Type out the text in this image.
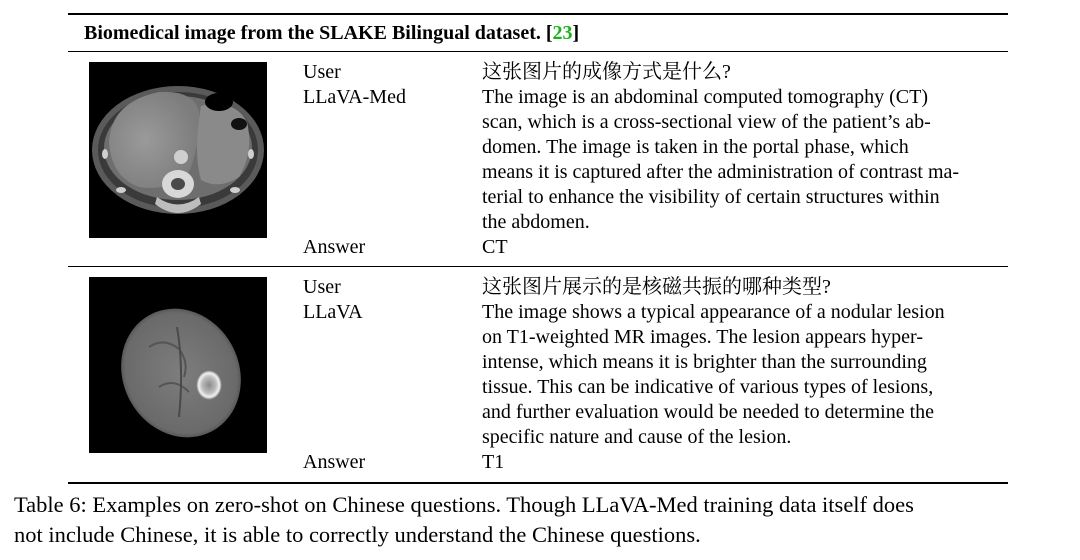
Biomedical image from the SLAKE Bilingual dataset. [23]
User
LLaVA-Med
Answer
这张图片的成像方式是什么?
The image is an abdominal computed tomography (CT)
scan, which is a cross-sectional view of the patient’s ab-
domen. The image is taken in the portal phase, which
means it is captured after the administration of contrast ma-
terial to enhance the visibility of certain structures within
the abdomen.
CT
User
LLaVA
Answer
这张图片展示的是核磁共振的哪种类型?
The image shows a typical appearance of a nodular lesion
on T1-weighted MR images. The lesion appears hyper-
intense, which means it is brighter than the surrounding
tissue. This can be indicative of various types of lesions,
and further evaluation would be needed to determine the
specific nature and cause of the lesion.
T1
Table 6: Examples on zero-shot on Chinese questions. Though LLaVA-Med training data itself does
not include Chinese, it is able to correctly understand the Chinese questions.
